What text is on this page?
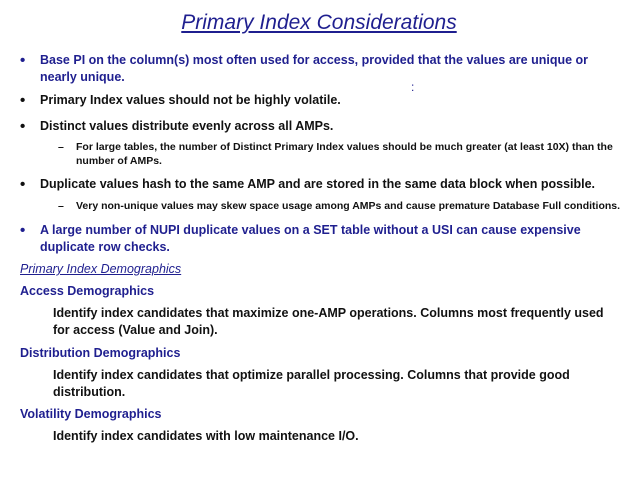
Primary Index Considerations
:
• Base PI on the column(s) most often used for access, provided that the values are unique or nearly unique.
• Primary Index values should not be highly volatile.
• Distinct values distribute evenly across all AMPs.
– For large tables, the number of Distinct Primary Index values should be much greater (at least 10X) than the number of AMPs.
• Duplicate values hash to the same AMP and are stored in the same data block when possible.
– Very non-unique values may skew space usage among AMPs and cause premature Database Full conditions.
• A large number of NUPI duplicate values on a SET table without a USI can cause expensive duplicate row checks.
Primary Index Demographics
Access Demographics
Identify index candidates that maximize one-AMP operations. Columns most frequently used for access (Value and Join).
Distribution Demographics
Identify index candidates that optimize parallel processing. Columns that provide good distribution.
Volatility Demographics
Identify index candidates with low maintenance I/O.
